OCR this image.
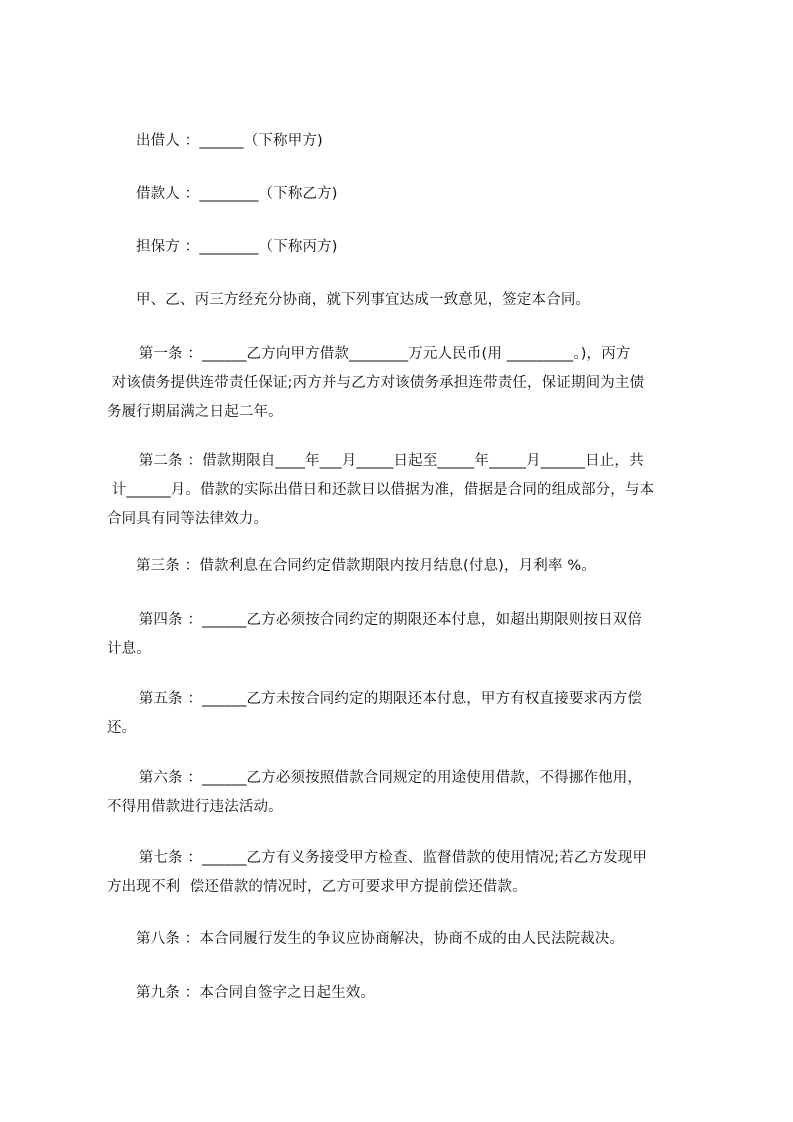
出借人 ：______（下称甲方)
借款人 ：________（下称乙方)
担保方 ：________（下称丙方)
甲、乙、丙三方经充分协商，就下列事宜达成一致意见，签定本合同。
第一条 ：______乙方向甲方借款________万元人民币(用 _________。)，丙方
对该债务提供连带责任保证;丙方并与乙方对该债务承担连带责任，保证期间为主债
务履行期届满之日起二年。
第二条 ：借款期限自____年___月_____日起至_____年_____月______日止，共
计______月。借款的实际出借日和还款日以借据为准，借据是合同的组成部分，与本
合同具有同等法律效力。
第三条 ：借款利息在合同约定借款期限内按月结息(付息)，月利率 %。
第四条 ：______乙方必须按合同约定的期限还本付息，如超出期限则按日双倍
计息。
第五条 ：______乙方未按合同约定的期限还本付息，甲方有权直接要求丙方偿
还。
第六条 ：______乙方必须按照借款合同规定的用途使用借款，不得挪作他用，
不得用借款进行违法活动。
第七条 ：______乙方有义务接受甲方检查、监督借款的使用情况;若乙方发现甲
方出现不利  偿还借款的情况时，乙方可要求甲方提前偿还借款。
第八条 ：本合同履行发生的争议应协商解决，协商不成的由人民法院裁决。
第九条 ：本合同自签字之日起生效。
